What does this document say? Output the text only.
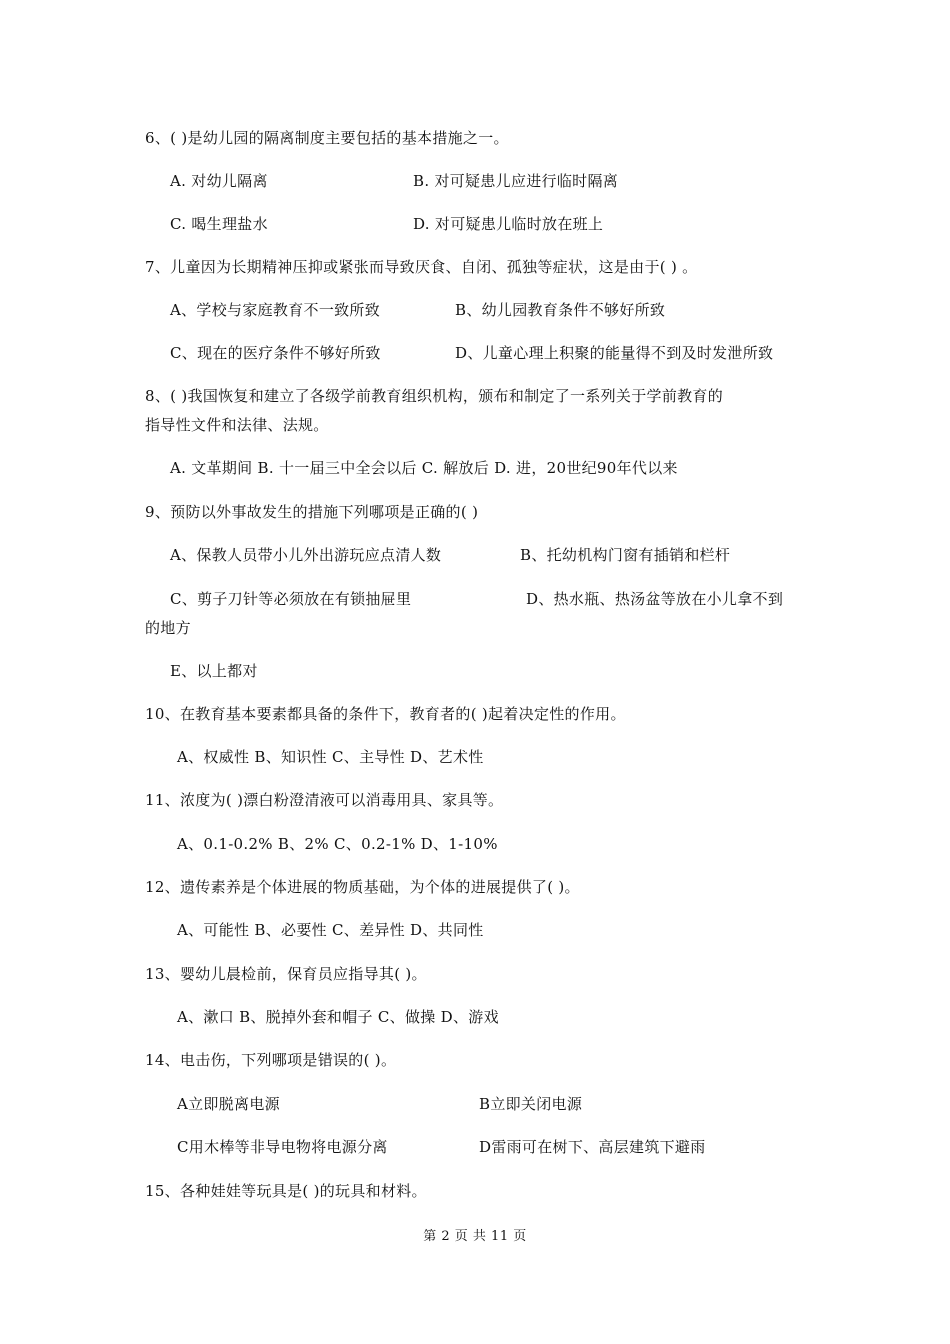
6、( )是幼儿园的隔离制度主要包括的基本措施之一。
A. 对幼儿隔离	B. 对可疑患儿应进行临时隔离
C. 喝生理盐水	D. 对可疑患儿临时放在班上
7、儿童因为长期精神压抑或紧张而导致厌食、自闭、孤独等症状，这是由于( ) 。
A、学校与家庭教育不一致所致	B、幼儿园教育条件不够好所致
C、现在的医疗条件不够好所致	D、儿童心理上积聚的能量得不到及时发泄所致
8、( )我国恢复和建立了各级学前教育组织机构，颁布和制定了一系列关于学前教育的
指导性文件和法律、法规。
A. 文革期间 B. 十一届三中全会以后 C. 解放后 D. 进，20世纪90年代以来
9、预防以外事故发生的措施下列哪项是正确的( )
A、保教人员带小儿外出游玩应点清人数	B、托幼机构门窗有插销和栏杆
C、剪子刀针等必须放在有锁抽屉里	D、热水瓶、热汤盆等放在小儿拿不到
的地方
E、以上都对
10、在教育基本要素都具备的条件下，教育者的( )起着决定性的作用。
A、权威性 B、知识性 C、主导性 D、艺术性
11、浓度为( )漂白粉澄清液可以消毒用具、家具等。
A、0.1-0.2% B、2% C、0.2-1% D、1-10%
12、遗传素养是个体进展的物质基础，为个体的进展提供了( )。
A、可能性 B、必要性 C、差异性 D、共同性
13、婴幼儿晨检前，保育员应指导其( )。
A、漱口 B、脱掉外套和帽子 C、做操 D、游戏
14、电击伤，下列哪项是错误的( )。
A立即脱离电源	B立即关闭电源
C用木棒等非导电物将电源分离	D雷雨可在树下、高层建筑下避雨
15、各种娃娃等玩具是( )的玩具和材料。
第 2 页 共 11 页
